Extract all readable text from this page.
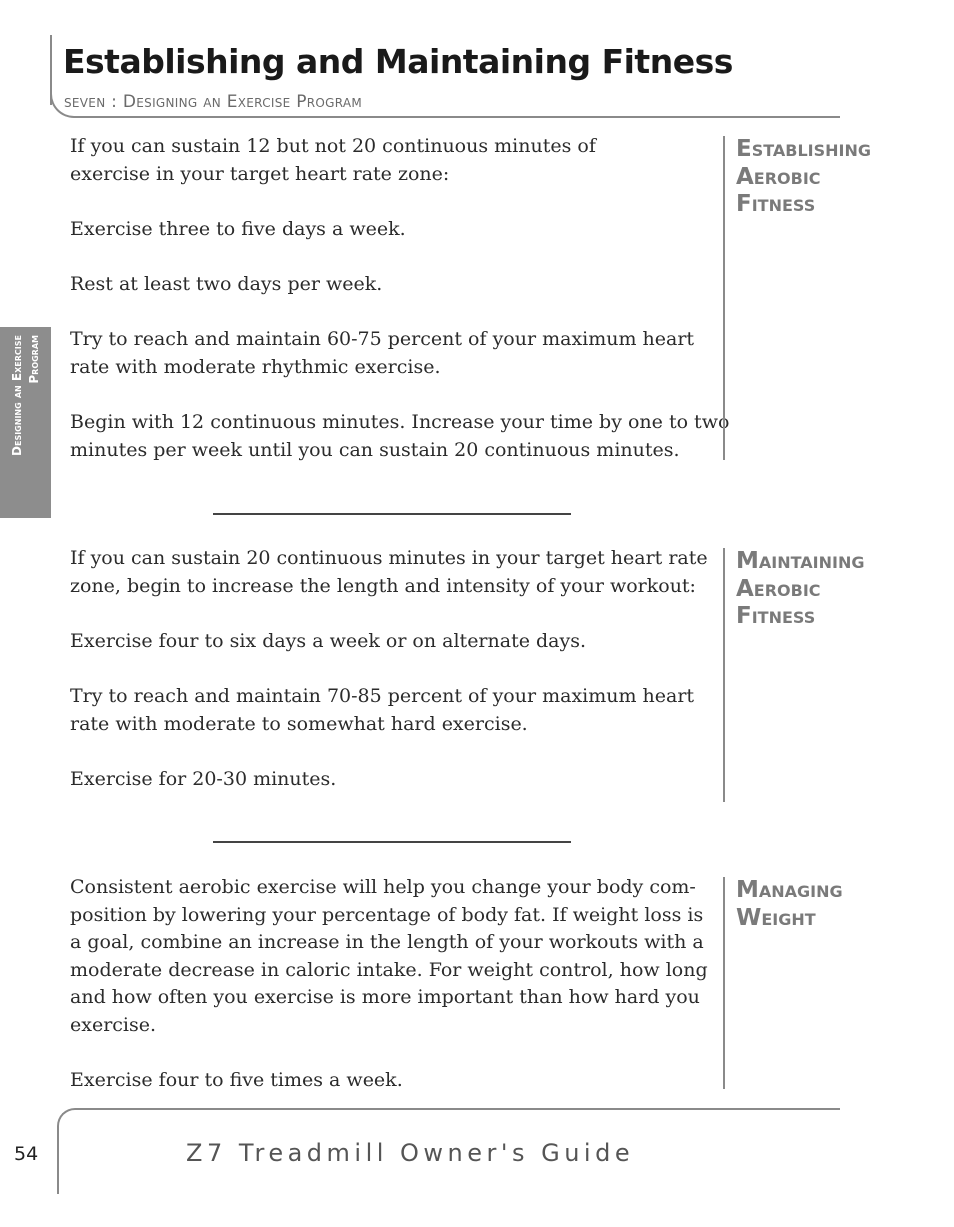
Establishing and Maintaining Fitness

seven : Designing an Exercise Program

Designing an Exercise Program

If you can sustain 12 but not 20 continuous minutes of

exercise in your target heart rate zone:

Exercise three to five days a week.

Rest at least two days per week.

Try to reach and maintain 60-75 percent of your maximum heart

rate with moderate rhythmic exercise.

Begin with 12 continuous minutes. Increase your time by one to two

minutes per week until you can sustain 20 continuous minutes.

Establishing
Aerobic
Fitness

If you can sustain 20 continuous minutes in your target heart rate

zone, begin to increase the length and intensity of your workout:

Exercise four to six days a week or on alternate days.

Try to reach and maintain 70-85 percent of your maximum heart

rate with moderate to somewhat hard exercise.

Exercise for 20-30 minutes.

Maintaining
Aerobic
Fitness

Consistent aerobic exercise will help you change your body com-

position by lowering your percentage of body fat. If weight loss is

a goal, combine an increase in the length of your workouts with a

moderate decrease in caloric intake. For weight control, how long

and how often you exercise is more important than how hard you

exercise.

Exercise four to five times a week.

Managing
Weight

54	Z7 Treadmill Owner's Guide
